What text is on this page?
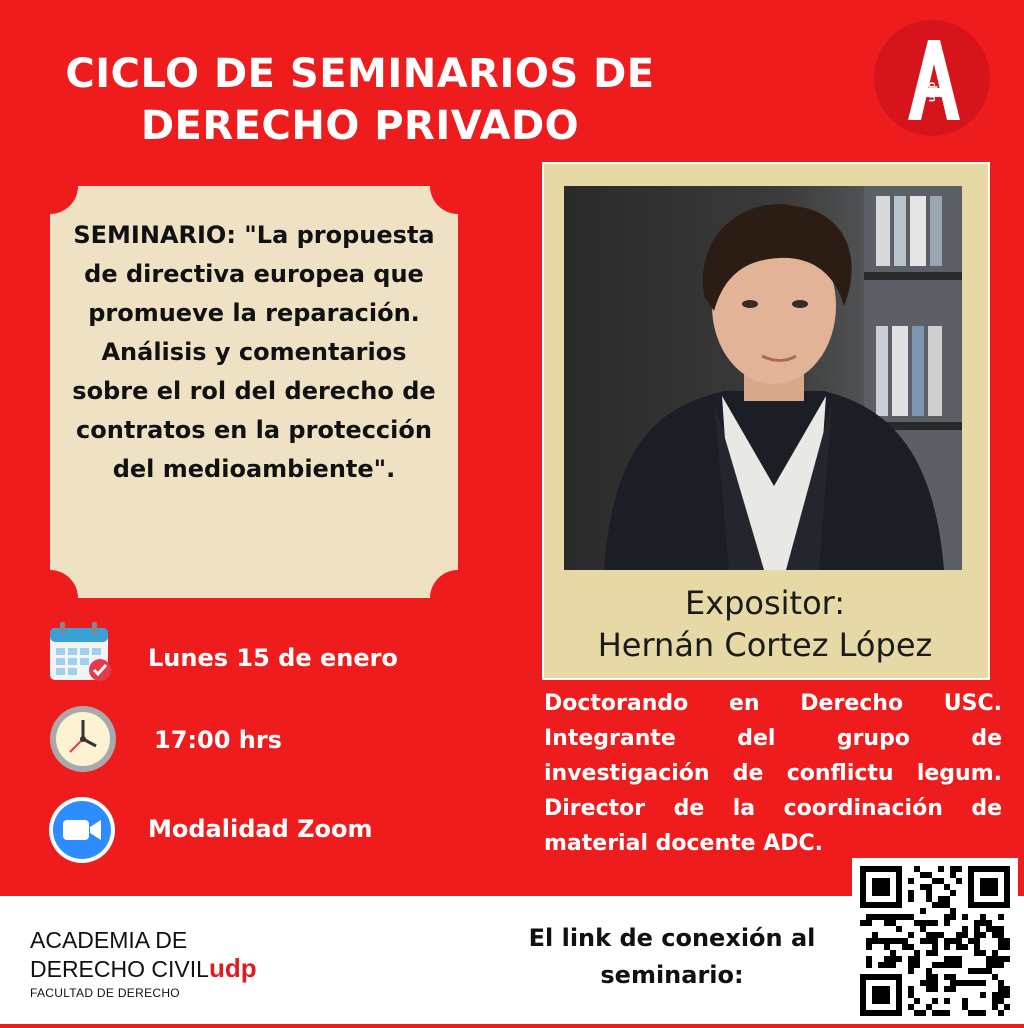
CICLO DE SEMINARIOS DE
DERECHO PRIVADO
udp
SEMINARIO: "La propuesta de directiva europea que promueve la reparación. Análisis y comentarios sobre el rol del derecho de contratos en la protección del medioambiente".
Expositor:
Hernán Cortez López
Doctorando en Derecho USC. Integrante del grupo de investigación de conflictu legum. Director de la coordinación de material docente ADC.
Lunes 15 de enero
17:00 hrs
Modalidad Zoom
ACADEMIA DE
DERECHO CIVILudp
FACULTAD DE DERECHO
El link de conexión al seminario:
